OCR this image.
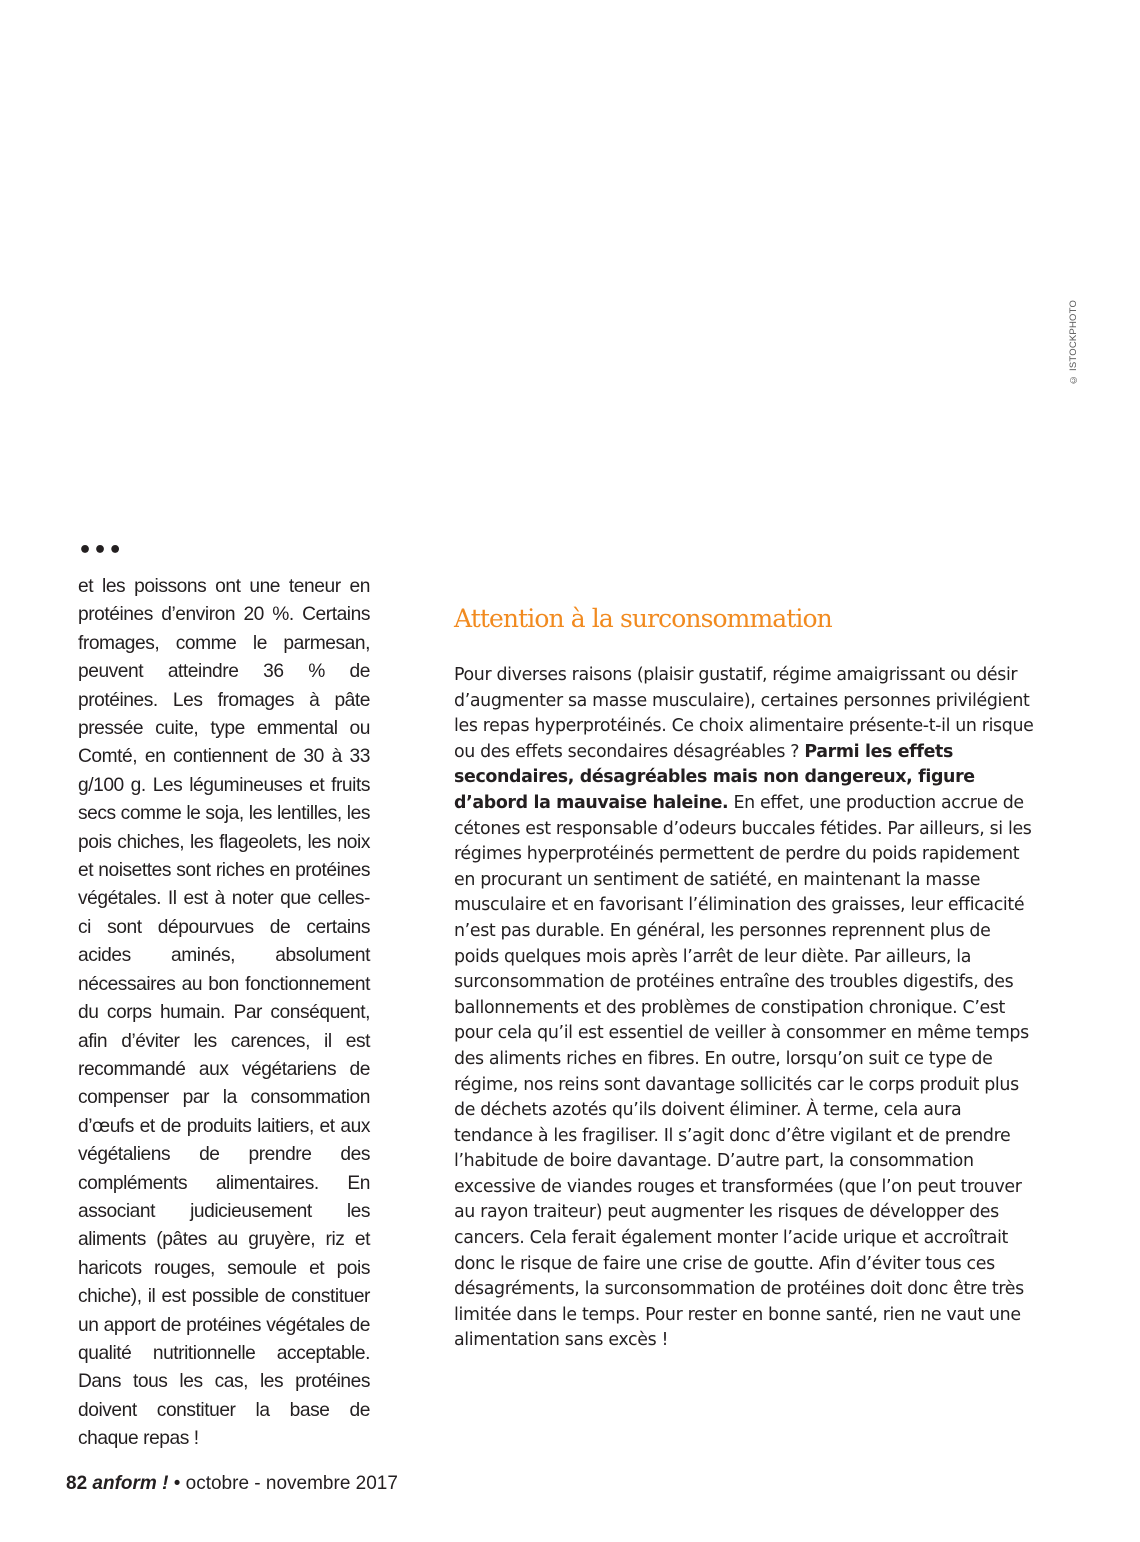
© ISTOCKPHOTO
•••

et les poissons ont une teneur en protéines d’environ 20 %. Certains fromages, comme le parmesan, peuvent atteindre 36 % de protéines. Les fromages à pâte pressée cuite, type emmental ou Comté, en contiennent de 30 à 33 g/100 g. Les légumineuses et fruits secs comme le soja, les lentilles, les pois chiches, les flageolets, les noix et noisettes sont riches en protéines végétales. Il est à noter que celles-ci sont dépourvues de certains acides aminés, absolument nécessaires au bon fonctionnement du corps humain. Par conséquent, afin d’éviter les carences, il est recommandé aux végétariens de compenser par la consommation d’œufs et de produits laitiers, et aux végétaliens de prendre des compléments alimentaires. En associant judicieusement les aliments (pâtes au gruyère, riz et haricots rouges, semoule et pois chiche), il est possible de constituer un apport de protéines végétales de qualité nutritionnelle acceptable. Dans tous les cas, les protéines doivent constituer la base de chaque repas !

Attention à la surconsommation

Pour diverses raisons (plaisir gustatif, régime amaigrissant ou désir d’augmenter sa masse musculaire), certaines personnes privilégient les repas hyperprotéinés. Ce choix alimentaire présente-t-il un risque ou des effets secondaires désagréables ? Parmi les effets secondaires, désagréables mais non dangereux, figure d’abord la mauvaise haleine. En effet, une production accrue de cétones est responsable d’odeurs buccales fétides. Par ailleurs, si les régimes hyperprotéinés permettent de perdre du poids rapidement en procurant un sentiment de satiété, en maintenant la masse musculaire et en favorisant l’élimination des graisses, leur efficacité n’est pas durable. En général, les personnes reprennent plus de poids quelques mois après l’arrêt de leur diète. Par ailleurs, la surconsommation de protéines entraîne des troubles digestifs, des ballonnements et des problèmes de constipation chronique. C’est pour cela qu’il est essentiel de veiller à consommer en même temps des aliments riches en fibres. En outre, lorsqu’on suit ce type de régime, nos reins sont davantage sollicités car le corps produit plus de déchets azotés qu’ils doivent éliminer. À terme, cela aura tendance à les fragiliser. Il s’agit donc d’être vigilant et de prendre l’habitude de boire davantage. D’autre part, la consommation excessive de viandes rouges et transformées (que l’on peut trouver au rayon traiteur) peut augmenter les risques de développer des cancers. Cela ferait également monter l’acide urique et accroîtrait donc le risque de faire une crise de goutte. Afin d’éviter tous ces désagréments, la surconsommation de protéines doit donc être très limitée dans le temps. Pour rester en bonne santé, rien ne vaut une alimentation sans excès !

82 anform ! • octobre - novembre 2017
